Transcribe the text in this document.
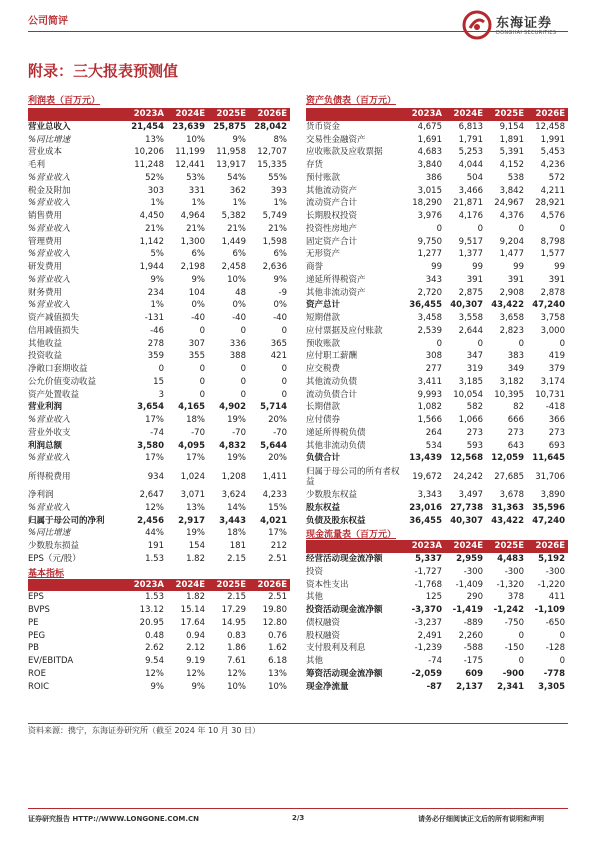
公司简评	东海证券
DONGHAI SECURITIES
附录：三大报表预测值
利润表（百万元）
	2023A	2024E	2025E	2026E
营业总收入	21,454	23,639	25,875	28,042
%同比增速	13%	10%	9%	8%
营业成本	10,206	11,199	11,958	12,707
毛利	11,248	12,441	13,917	15,335
%营业收入	52%	53%	54%	55%
税金及附加	303	331	362	393
%营业收入	1%	1%	1%	1%
销售费用	4,450	4,964	5,382	5,749
%营业收入	21%	21%	21%	21%
管理费用	1,142	1,300	1,449	1,598
%营业收入	5%	6%	6%	6%
研发费用	1,944	2,198	2,458	2,636
%营业收入	9%	9%	10%	9%
财务费用	234	104	48	-9
%营业收入	1%	0%	0%	0%
资产减值损失	-131	-40	-40	-40
信用减值损失	-46	0	0	0
其他收益	278	307	336	365
投资收益	359	355	388	421
净敞口套期收益	0	0	0	0
公允价值变动收益	15	0	0	0
资产处置收益	3	0	0	0
营业利润	3,654	4,165	4,902	5,714
%营业收入	17%	18%	19%	20%
营业外收支	-74	-70	-70	-70
利润总额	3,580	4,095	4,832	5,644
%营业收入	17%	17%	19%	20%
所得税费用	934	1,024	1,208	1,411
净利润	2,647	3,071	3,624	4,233
%营业收入	12%	13%	14%	15%
归属于母公司的净利	2,456	2,917	3,443	4,021
%同比增速	44%	19%	18%	17%
少数股东损益	191	154	181	212
EPS（元/股）	1.53	1.82	2.15	2.51
基本指标
	2023A	2024E	2025E	2026E
EPS	1.53	1.82	2.15	2.51
BVPS	13.12	15.14	17.29	19.80
PE	20.95	17.64	14.95	12.80
PEG	0.48	0.94	0.83	0.76
PB	2.62	2.12	1.86	1.62
EV/EBITDA	9.54	9.19	7.61	6.18
ROE	12%	12%	12%	13%
ROIC	9%	9%	10%	10%
资产负债表（百万元）
	2023A	2024E	2025E	2026E
货币资金	4,675	6,813	9,154	12,458
交易性金融资产	1,691	1,791	1,891	1,991
应收账款及应收票据	4,683	5,253	5,391	5,453
存货	3,840	4,044	4,152	4,236
预付账款	386	504	538	572
其他流动资产	3,015	3,466	3,842	4,211
流动资产合计	18,290	21,871	24,967	28,921
长期股权投资	3,976	4,176	4,376	4,576
投资性房地产	0	0	0	0
固定资产合计	9,750	9,517	9,204	8,798
无形资产	1,277	1,377	1,477	1,577
商誉	99	99	99	99
递延所得税资产	343	391	391	391
其他非流动资产	2,720	2,875	2,908	2,878
资产总计	36,455	40,307	43,422	47,240
短期借款	3,458	3,558	3,658	3,758
应付票据及应付账款	2,539	2,644	2,823	3,000
预收账款	0	0	0	0
应付职工薪酬	308	347	383	419
应交税费	277	319	349	379
其他流动负债	3,411	3,185	3,182	3,174
流动负债合计	9,993	10,054	10,395	10,731
长期借款	1,082	582	82	-418
应付债券	1,566	1,066	666	366
递延所得税负债	264	273	273	273
其他非流动负债	534	593	643	693
负债合计	13,439	12,568	12,059	11,645
归属于母公司的所有者权益	19,672	24,242	27,685	31,706
少数股东权益	3,343	3,497	3,678	3,890
股东权益	23,016	27,738	31,363	35,596
负债及股东权益	36,455	40,307	43,422	47,240
现金流量表（百万元）
	2023A	2024E	2025E	2026E
经营活动现金流净额	5,337	2,959	4,483	5,192
投资	-1,727	-300	-300	-300
资本性支出	-1,768	-1,409	-1,320	-1,220
其他	125	290	378	411
投资活动现金流净额	-3,370	-1,419	-1,242	-1,109
债权融资	-3,237	-889	-750	-650
股权融资	2,491	2,260	0	0
支付股利及利息	-1,239	-588	-150	-128
其他	-74	-175	0	0
筹资活动现金流净额	-2,059	609	-900	-778
现金净流量	-87	2,137	2,341	3,305
资料来源：携宁，东海证券研究所（截至 2024 年 10 月 30 日）
证券研究报告 HTTP://WWW.LONGONE.COM.CN	2/3	请务必仔细阅读正文后的所有说明和声明
